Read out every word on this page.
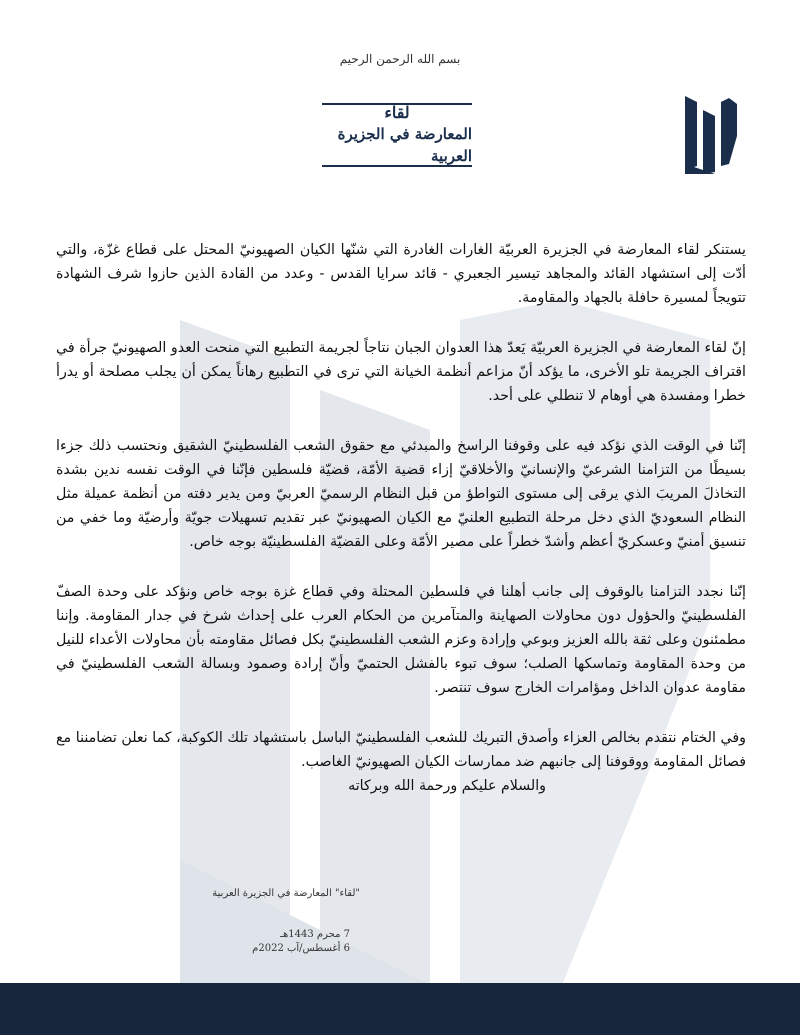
بسم الله الرحمن الرحيم
لقاء
المعارضة في الجزيرة العربية

يستنكر لقاء المعارضة في الجزيرة العربيّة الغارات الغادرة التي شنّها الكيان الصهيونيّ المحتل على قطاع غزّة، والتي أدّت إلى استشهاد القائد والمجاهد تيسير الجعبري - قائد سرايا القدس - وعدد من القادة الذين حازوا شرف الشهادة تتويجاً لمسيرة حافلة بالجهاد والمقاومة.

إنّ لقاء المعارضة في الجزيرة العربيّة يَعدّ هذا العدوان الجبان نتاجاً لجريمة التطبيع التي منحت العدو الصهيونيّ جرأة في اقتراف الجريمة تلو الأخرى، ما يؤكد أنّ مزاعم أنظمة الخيانة التي ترى في التطبيع رهاناً يمكن أن يجلب مصلحة أو يدرأ خطرا ومفسدة هي أوهام لا تنطلي على أحد.

إنّنا في الوقت الذي نؤكد فيه على وقوفنا الراسخ والمبدئي مع حقوق الشعب الفلسطينيّ الشقيق ونحتسب ذلك جزءا بسيطًا من التزامنا الشرعيّ والإنسانيّ والأخلاقيّ إزاء قضية الأمّة، قضيّة فلسطين فإنّنا في الوقت نفسه ندين بشدة التخاذلَ المريبَ الذي يرقى إلى مستوى التواطؤ من قبل النظام الرسميّ العربيّ ومن يدير دفته من أنظمة عميلة مثل النظام السعوديّ الذي دخل مرحلة التطبيع العلنيّ مع الكيان الصهيونيّ عبر تقديم تسهيلات جويّة وأرضيّة وما خفي من تنسيق أمنيّ وعسكريّ أعظم وأشدّ خطراً على مصير الأمّة وعلى القضيّة الفلسطينيّة بوجه خاص.

إنّنا نجدد التزامنا بالوقوف إلى جانب أهلنا في فلسطين المحتلة وفي قطاع غزة بوجه خاص ونؤكد على وحدة الصفّ الفلسطينيّ والحؤول دون محاولات الصهاينة والمتآمرين من الحكام العرب على إحداث شرخ في جدار المقاومة. وإننا مطمئنون وعلى ثقة بالله العزيز وبوعي وإرادة وعزم الشعب الفلسطينيّ بكل فصائل مقاومته بأن محاولات الأعداء للنيل من وحدة المقاومة وتماسكها الصلب؛ سوف تبوء بالفشل الحتميّ وأنّ إرادة وصمود وبسالة الشعب الفلسطينيّ في مقاومة عدوان الداخل ومؤامرات الخارج سوف تنتصر.

وفي الختام نتقدم بخالص العزاء وأصدق التبريك للشعب الفلسطينيّ الباسل باستشهاد تلك الكوكبة، كما نعلن تضامننا مع فصائل المقاومة ووقوفنا إلى جانبهم ضد ممارسات الكيان الصهيونيّ الغاصب.

والسلام عليكم ورحمة الله وبركاته
"لقاء" المعارضة في الجزيرة العربية
7 محرم 1443هـ
6 أغسطس/آب 2022م
